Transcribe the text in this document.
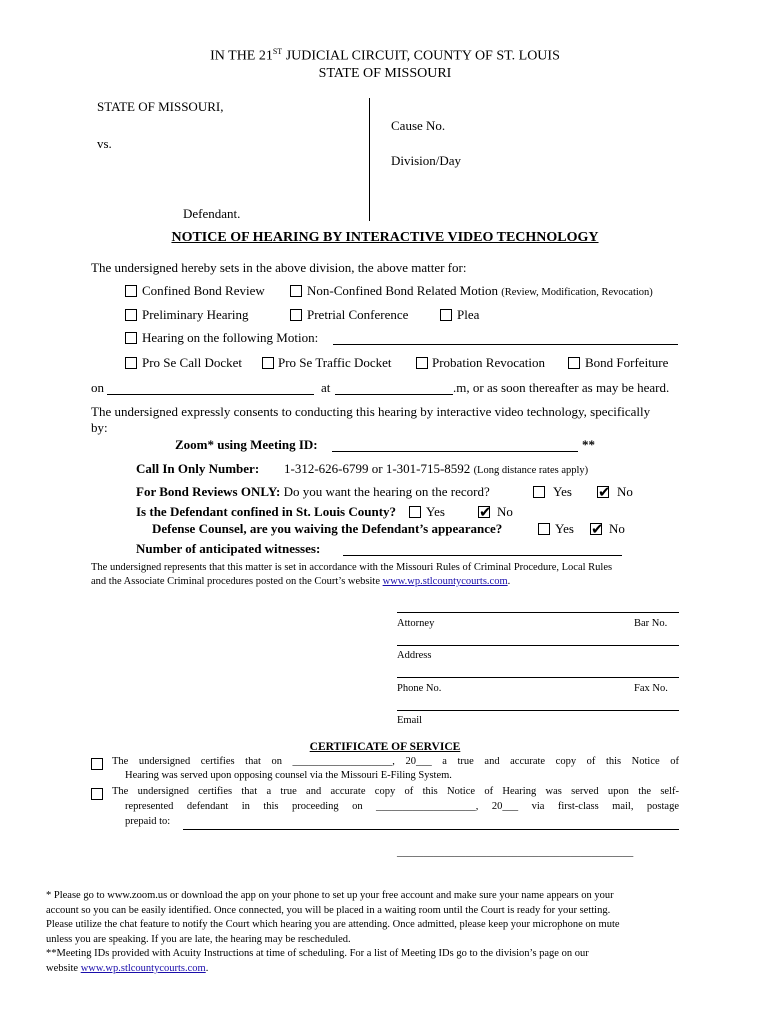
IN THE 21ST JUDICIAL CIRCUIT, COUNTY OF ST. LOUIS
STATE OF MISSOURI
STATE OF MISSOURI,
vs.
Defendant.
Cause No.
Division/Day
NOTICE OF HEARING BY INTERACTIVE VIDEO TECHNOLOGY
The undersigned hereby sets in the above division, the above matter for:
Confined Bond Review	Non-Confined Bond Related Motion (Review, Modification, Revocation)
Preliminary Hearing	Pretrial Conference	Plea
Hearing on the following Motion:
Pro Se Call Docket	Pro Se Traffic Docket	Probation Revocation	Bond Forfeiture
on	at	.m, or as soon thereafter as may be heard.
The undersigned expressly consents to conducting this hearing by interactive video technology, specifically
by:
Zoom* using Meeting ID:	**
Call In Only Number: 1-312-626-6799 or 1-301-715-8592 (Long distance rates apply)
For Bond Reviews ONLY: Do you want the hearing on the record?	Yes ✔	No
Is the Defendant confined in St. Louis County? Yes ✔	No
Defense Counsel, are you waiving the Defendant’s appearance?	Yes ✔	No
Number of anticipated witnesses:
The undersigned represents that this matter is set in accordance with the Missouri Rules of Criminal Procedure, Local Rules
and the Associate Criminal procedures posted on the Court’s website www.wp.stlcountycourts.com.
Attorney	Bar No.
Address
Phone No.	Fax No.
Email
CERTIFICATE OF SERVICE
The undersigned certifies that on ___________________, 20___ a true and accurate copy of this Notice of
Hearing was served upon opposing counsel via the Missouri E-Filing System.
The undersigned certifies that a true and accurate copy of this Notice of Hearing was served upon the self-
represented defendant in this proceeding on ___________________, 20___ via first-class mail, postage
prepaid to:
_____________________________________________
* Please go to www.zoom.us or download the app on your phone to set up your free account and make sure your name appears on your
account so you can be easily identified. Once connected, you will be placed in a waiting room until the Court is ready for your setting.
Please utilize the chat feature to notify the Court which hearing you are attending. Once admitted, please keep your microphone on mute
unless you are speaking. If you are late, the hearing may be rescheduled.
**Meeting IDs provided with Acuity Instructions at time of scheduling. For a list of Meeting IDs go to the division’s page on our
website www.wp.stlcountycourts.com.
